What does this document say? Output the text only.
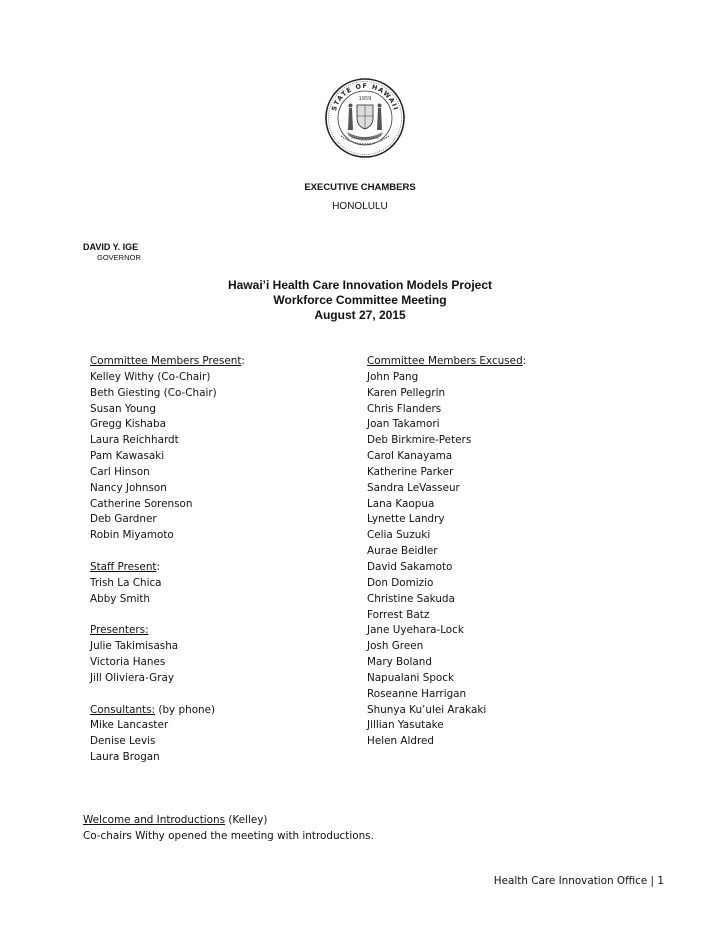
STATE OF HAWAII
1959
EXECUTIVE CHAMBERS
HONOLULU
DAVID Y. IGE
GOVERNOR
Hawai’i Health Care Innovation Models Project
Workforce Committee Meeting
August 27, 2015
Committee Members Present:
Kelley Withy (Co-Chair)
Beth Giesting (Co-Chair)
Susan Young
Gregg Kishaba
Laura Reichhardt
Pam Kawasaki
Carl Hinson
Nancy Johnson
Catherine Sorenson
Deb Gardner
Robin Miyamoto
Staff Present:
Trish La Chica
Abby Smith
Presenters:
Julie Takimisasha
Victoria Hanes
Jill Oliviera-Gray
Consultants: (by phone)
Mike Lancaster
Denise Levis
Laura Brogan
Committee Members Excused:
John Pang
Karen Pellegrin
Chris Flanders
Joan Takamori
Deb Birkmire-Peters
Carol Kanayama
Katherine Parker
Sandra LeVasseur
Lana Kaopua
Lynette Landry
Celia Suzuki
Aurae Beidler
David Sakamoto
Don Domizio
Christine Sakuda
Forrest Batz
Jane Uyehara-Lock
Josh Green
Mary Boland
Napualani Spock
Roseanne Harrigan
Shunya Ku’ulei Arakaki
Jillian Yasutake
Helen Aldred
Welcome and Introductions (Kelley)
Co-chairs Withy opened the meeting with introductions.
Health Care Innovation Office | 1
